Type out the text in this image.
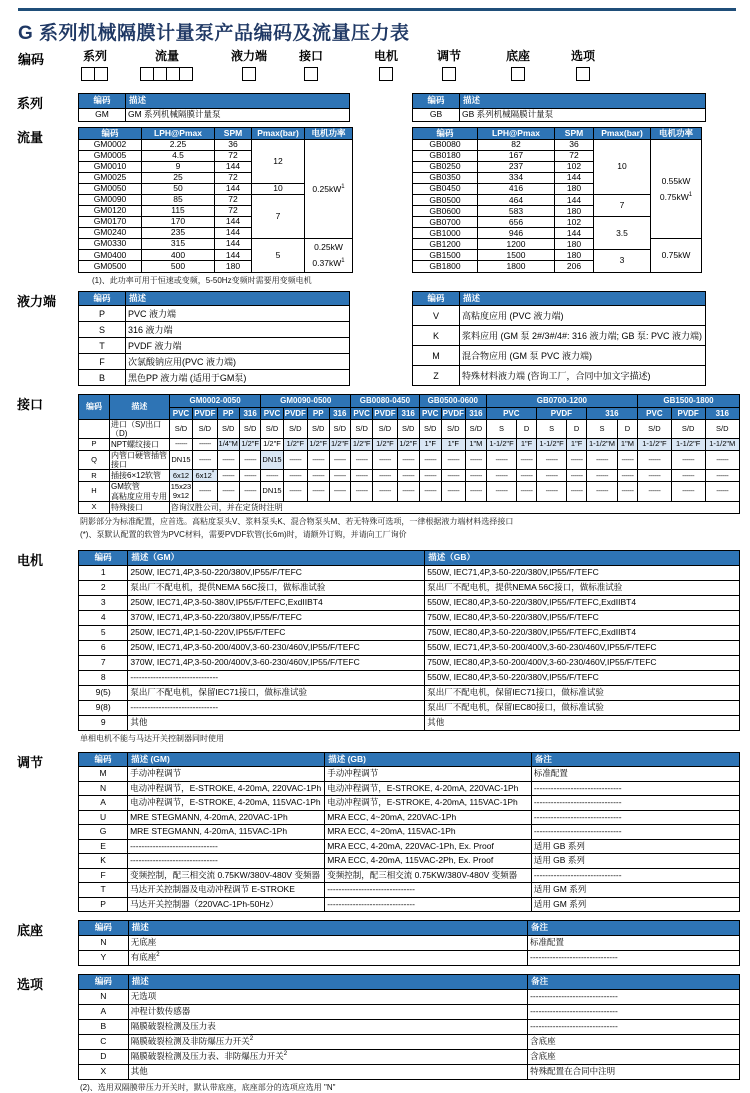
G 系列机械隔膜计量泵产品编码及流量压力表
编码	系列	流量	液力端	接口	电机	调节	底座	选项
系列	编码	描述
GM	GM 系列机械隔膜计量泵
编码	描述
GB	GB 系列机械隔膜计量泵
流量	编码	LPH@Pmax	SPM	Pmax(bar)	电机功率
GM0002	2.25	36	12	$0.25kW^1$
GM0005	4.5	72		
GM0010	9	144		
GM0025	25	72		
GM0050	50	144	10	
GM0090	85	72	7	
GM0120	115	72		
GM0170	170	144		
GM0240	235	144		
GM0330	315	144	5	0.25kW
$0.37kW^1$
GM0400	400	144		
GM0500	500	180		
编码	LPH@Pmax	SPM	Pmax(bar)	电机功率
GB0080	82	36	10	0.55kW
$0.75kW^1$
GB0180	167	72		
GB0250	237	102		
GB0350	334	144		
GB0450	416	180		
GB0500	464	144	7	
GB0600	583	180		
GB0700	656	102	3.5	
GB1000	946	144		
GB1200	1200	180		0.75kW
GB1500	1500	180	3	
GB1800	1800	206		
(1)、此功率可用于恒速或变频，5-50Hz变频时需要用变频电机
液力端	编码	描述
P	PVC 液力端
S	316 液力端
T	PVDF 液力端
F	次氯酸钠应用(PVC 液力端)
B	黑色PP 液力端 (适用于GM泵)
编码	描述
V	高粘度应用 (PVC 液力端)
K	浆料应用 (GM 泵 2#/3#/4#: 316 液力端; GB 泵: PVC 液力端)
M	混合物应用 (GM 泵 PVC 液力端)
Z	特殊材料液力端 (咨询工厂，合同中加文字描述)
接口	编码	描述	GM0002-0050				GM0090-0500				GB0080-0450			GB0500-0600			GB0700-1200						GB1500-1800		
		PVC	PVDF	PP	316	PVC	PVDF	PP	316	PVC	PVDF	316	PVC	PVDF	316	PVC		PVDF		316		PVC	PVDF	316
	进口（S)/出口（D)	S/D	S/D	S/D	S/D	S/D	S/D	S/D	S/D	S/D	S/D	S/D	S/D	S/D	S/D	S	D	S	D	S	D	S/D	S/D	S/D
P	NPT螺纹接口	------	------	1/4"M	1/2"F	1/2"F	1/2"F	1/2"F	1/2"F	1/2"F	1/2"F	1/2"F	1"F	1"F	1"M	1-1/2"F	1"F	1-1/2"F	1"F	1-1/2"M	1"M	1-1/2"F	1-1/2"F	1-1/2"M
Q	内管口硬管插管接口	DN15	------	------	------	DN15	------	------	------	------	------	------	------	------	------	------	------	------	------	------	------	------	------	------
R	插接6×12软管	6x12	6x12*	------	------	------	------	------	------	------	------	------	------	------	------	------	------	------	------	------	------	------	------	------
H	GM软管
高粘度应用专用	15x23
9x12	------	------	------	DN15	------	------	------	------	------	------	------	------	------	------	------	------	------	------	------	------	------	------
X	特殊接口	咨询汉胜公司，并在定货时注明																						
阴影部分为标准配置，应首选。高粘度泵头V、浆料泵头K、混合物泵头M、若无特殊可选项，一律根据液力端材料选择接口
(*)、泵默认配置的软管为PVC材料，需要PVDF软管(长6m)时，请额外订购，并请向工厂询价
电机	编码	描述（GM）	描述（GB）
1	250W, IEC71,4P,3-50-220/380V,IP55/F/TEFC	550W, IEC71,4P,3-50-220/380V,IP55/F/TEFC
2	泵出厂不配电机，提供NEMA 56C接口，做标准试验	泵出厂不配电机，提供NEMA 56C接口，做标准试验
3	250W, IEC71,4P,3-50-380V,IP55/F/TEFC,ExdIIBT4	550W, IEC80,4P,3-50-220/380V,IP55/F/TEFC,ExdIIBT4
4	370W, IEC71,4P,3-50-220/380V,IP55/F/TEFC	750W, IEC80,4P,3-50-220/380V,IP55/F/TEFC
5	250W, IEC71,4P,1-50-220V,IP55/F/TEFC	750W, IEC80,4P,3-50-220/380V,IP55/F/TEFC,ExdIIBT4
6	250W, IEC71,4P,3-50-200/400V,3-60-230/460V,IP55/F/TEFC	550W, IEC71,4P,3-50-200/400V,3-60-230/460V,IP55/F/TEFC
7	370W, IEC71,4P,3-50-200/400V,3-60-230/460V,IP55/F/TEFC	750W, IEC80,4P,3-50-200/400V,3-60-230/460V,IP55/F/TEFC
8	-------------------------------	550W, IEC80,4P,3-50-220/380V,IP55/F/TEFC
9(5)	泵出厂不配电机，保留IEC71接口，做标准试验	泵出厂不配电机，保留IEC71接口，做标准试验
9(8)	-------------------------------	泵出厂不配电机，保留IEC80接口，做标准试验
9	其他	其他
单相电机不能与马达开关控制器同时使用
调节	编码	描述 (GM)	描述 (GB)	备注
M	手动冲程调节	手动冲程调节	标准配置
N	电动冲程调节，E-STROKE, 4-20mA, 220VAC-1Ph	电动冲程调节，E-STROKE, 4-20mA, 220VAC-1Ph	-------------------------------
A	电动冲程调节，E-STROKE, 4-20mA, 115VAC-1Ph	电动冲程调节，E-STROKE, 4-20mA, 115VAC-1Ph	-------------------------------
U	MRE STEGMANN, 4-20mA, 220VAC-1Ph	MRA ECC, 4~20mA, 220VAC-1Ph	-------------------------------
G	MRE STEGMANN, 4-20mA, 115VAC-1Ph	MRA ECC, 4~20mA, 115VAC-1Ph	-------------------------------
E	-------------------------------	MRA ECC, 4-20mA, 220VAC-1Ph, Ex. Proof	适用 GB 系列
K	-------------------------------	MRA ECC, 4-20mA, 115VAC-2Ph, Ex. Proof	适用 GB 系列
F	变频控制，配三相交流 0.75KW/380V-480V 变频器	变频控制，配三相交流 0.75KW/380V-480V 变频器	-------------------------------
T	马达开关控制器及电动冲程调节 E-STROKE	-------------------------------	适用 GM 系列
P	马达开关控制器（220VAC-1Ph-50Hz）	-------------------------------	适用 GM 系列
底座	编码	描述	备注
N	无底座	标准配置
Y	有底座$^2$	-------------------------------
选项	编码	描述	备注
N	无选项	-------------------------------
A	冲程计数传感器	-------------------------------
B	隔膜破裂检测及压力表	-------------------------------
C	隔膜破裂检测及非防爆压力开关$^2$	含底座
D	隔膜破裂检测及压力表、非防爆压力开关$^2$	含底座
X	其他	特殊配置在合同中注明
(2)、选用双隔膜带压力开关时，默认带底座，底座部分的选项应选用 "N"
